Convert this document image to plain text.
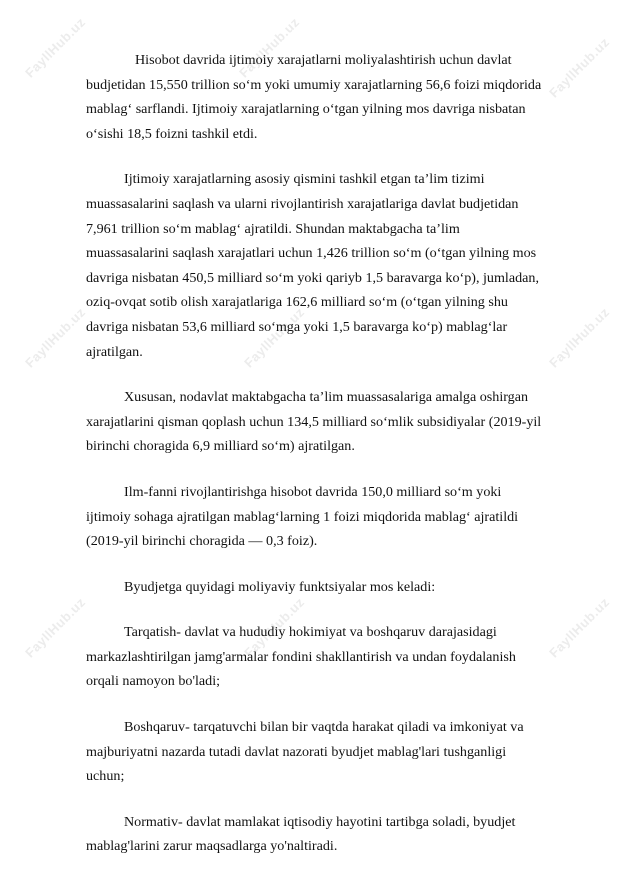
FayllHub.uz	FayllHub.uz	FayllHub.uz
FayllHub.uz	FayllHub.uz	FayllHub.uz
FayllHub.uz	FayllHub.uz	FayllHub.uz

Hisobot davrida ijtimoiy xarajatlarni moliyalashtirish uchun davlat budjetidan 15,550 trillion so‘m yoki umumiy xarajatlarning 56,6 foizi miqdorida mablag‘ sarflandi. Ijtimoiy xarajatlarning o‘tgan yilning mos davriga nisbatan o‘sishi 18,5 foizni tashkil etdi.

Ijtimoiy xarajatlarning asosiy qismini tashkil etgan ta’lim tizimi muassasalarini saqlash va ularni rivojlantirish xarajatlariga davlat budjetidan 7,961 trillion so‘m mablag‘ ajratildi. Shundan maktabgacha ta’lim muassasalarini saqlash xarajatlari uchun 1,426 trillion so‘m (o‘tgan yilning mos davriga nisbatan 450,5 milliard so‘m yoki qariyb 1,5 baravarga ko‘p), jumladan, oziq-ovqat sotib olish xarajatlariga 162,6 milliard so‘m (o‘tgan yilning shu davriga nisbatan 53,6 milliard so‘mga yoki 1,5 baravarga ko‘p) mablag‘lar ajratilgan.

Xususan, nodavlat maktabgacha ta’lim muassasalariga amalga oshirgan xarajatlarini qisman qoplash uchun 134,5 milliard so‘mlik subsidiyalar (2019-yil birinchi choragida 6,9 milliard so‘m) ajratilgan.

Ilm-fanni rivojlantirishga hisobot davrida 150,0 milliard so‘m yoki ijtimoiy sohaga ajratilgan mablag‘larning 1 foizi miqdorida mablag‘ ajratildi (2019-yil birinchi choragida — 0,3 foiz).

Byudjetga quyidagi moliyaviy funktsiyalar mos keladi:

Tarqatish- davlat va hududiy hokimiyat va boshqaruv darajasidagi markazlashtirilgan jamg'armalar fondini shakllantirish va undan foydalanish orqali namoyon bo'ladi;

Boshqaruv- tarqatuvchi bilan bir vaqtda harakat qiladi va imkoniyat va majburiyatni nazarda tutadi davlat nazorati byudjet mablag'lari tushganligi uchun;

Normativ- davlat mamlakat iqtisodiy hayotini tartibga soladi, byudjet mablag'larini zarur maqsadlarga yo'naltiradi.
